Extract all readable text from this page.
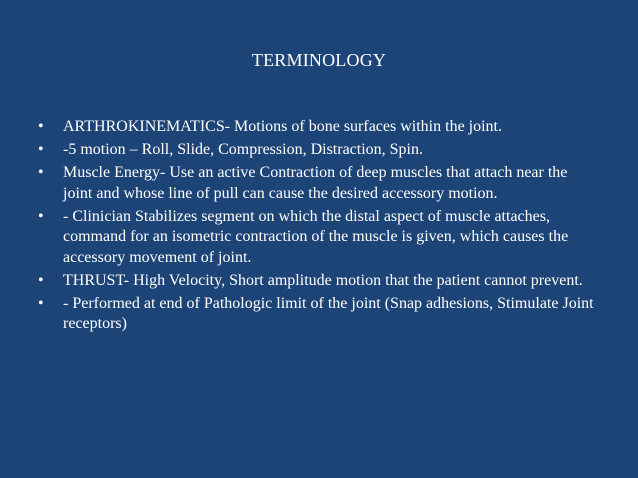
TERMINOLOGY
• ARTHROKINEMATICS- Motions of bone surfaces within the joint.
• -5 motion – Roll, Slide, Compression, Distraction, Spin.
• Muscle Energy- Use an active Contraction of deep muscles that attach near the joint and whose line of pull can cause the desired accessory motion.
• - Clinician Stabilizes segment on which the distal aspect of muscle attaches, command for an isometric contraction of the muscle is given, which causes the accessory movement of joint.
• THRUST- High Velocity, Short amplitude motion that the patient cannot prevent.
• - Performed at end of Pathologic limit of the joint (Snap adhesions, Stimulate Joint receptors)
